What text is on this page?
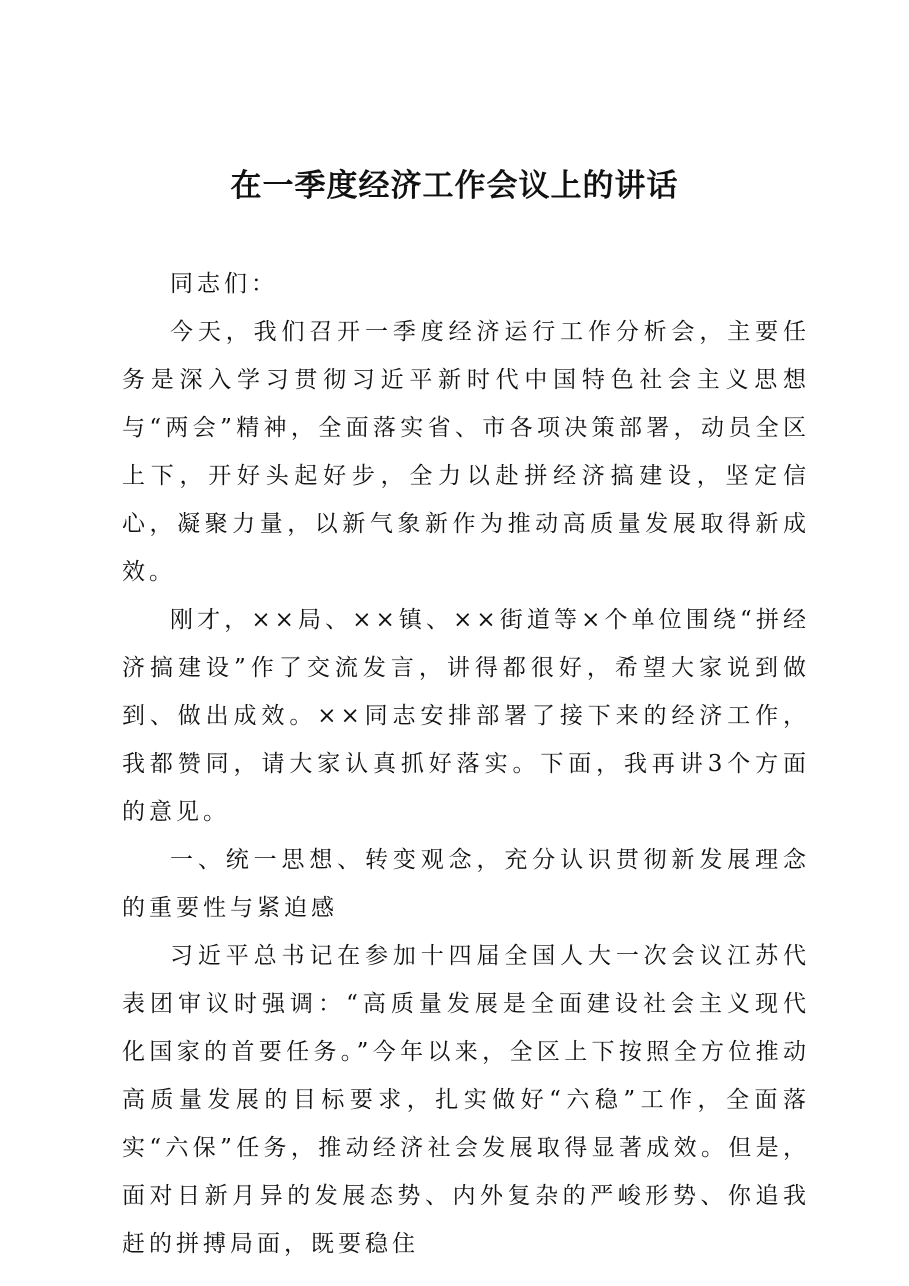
在一季度经济工作会议上的讲话

同志们：

今天，我们召开一季度经济运行工作分析会，主要任务是深入学习贯彻习近平新时代中国特色社会主义思想与“两会”精神，全面落实省、市各项决策部署，动员全区上下，开好头起好步，全力以赴拼经济搞建设，坚定信心，凝聚力量，以新气象新作为推动高质量发展取得新成效。

刚才，××局、××镇、××街道等×个单位围绕“拼经济搞建设”作了交流发言，讲得都很好，希望大家说到做到、做出成效。××同志安排部署了接下来的经济工作，我都赞同，请大家认真抓好落实。下面，我再讲3个方面的意见。

一、统一思想、转变观念，充分认识贯彻新发展理念的重要性与紧迫感

习近平总书记在参加十四届全国人大一次会议江苏代表团审议时强调：“高质量发展是全面建设社会主义现代化国家的首要任务。”今年以来，全区上下按照全方位推动高质量发展的目标要求，扎实做好“六稳”工作，全面落实“六保”任务，推动经济社会发展取得显著成效。但是，面对日新月异的发展态势、内外复杂的严峻形势、你追我赶的拼搏局面，既要稳住
